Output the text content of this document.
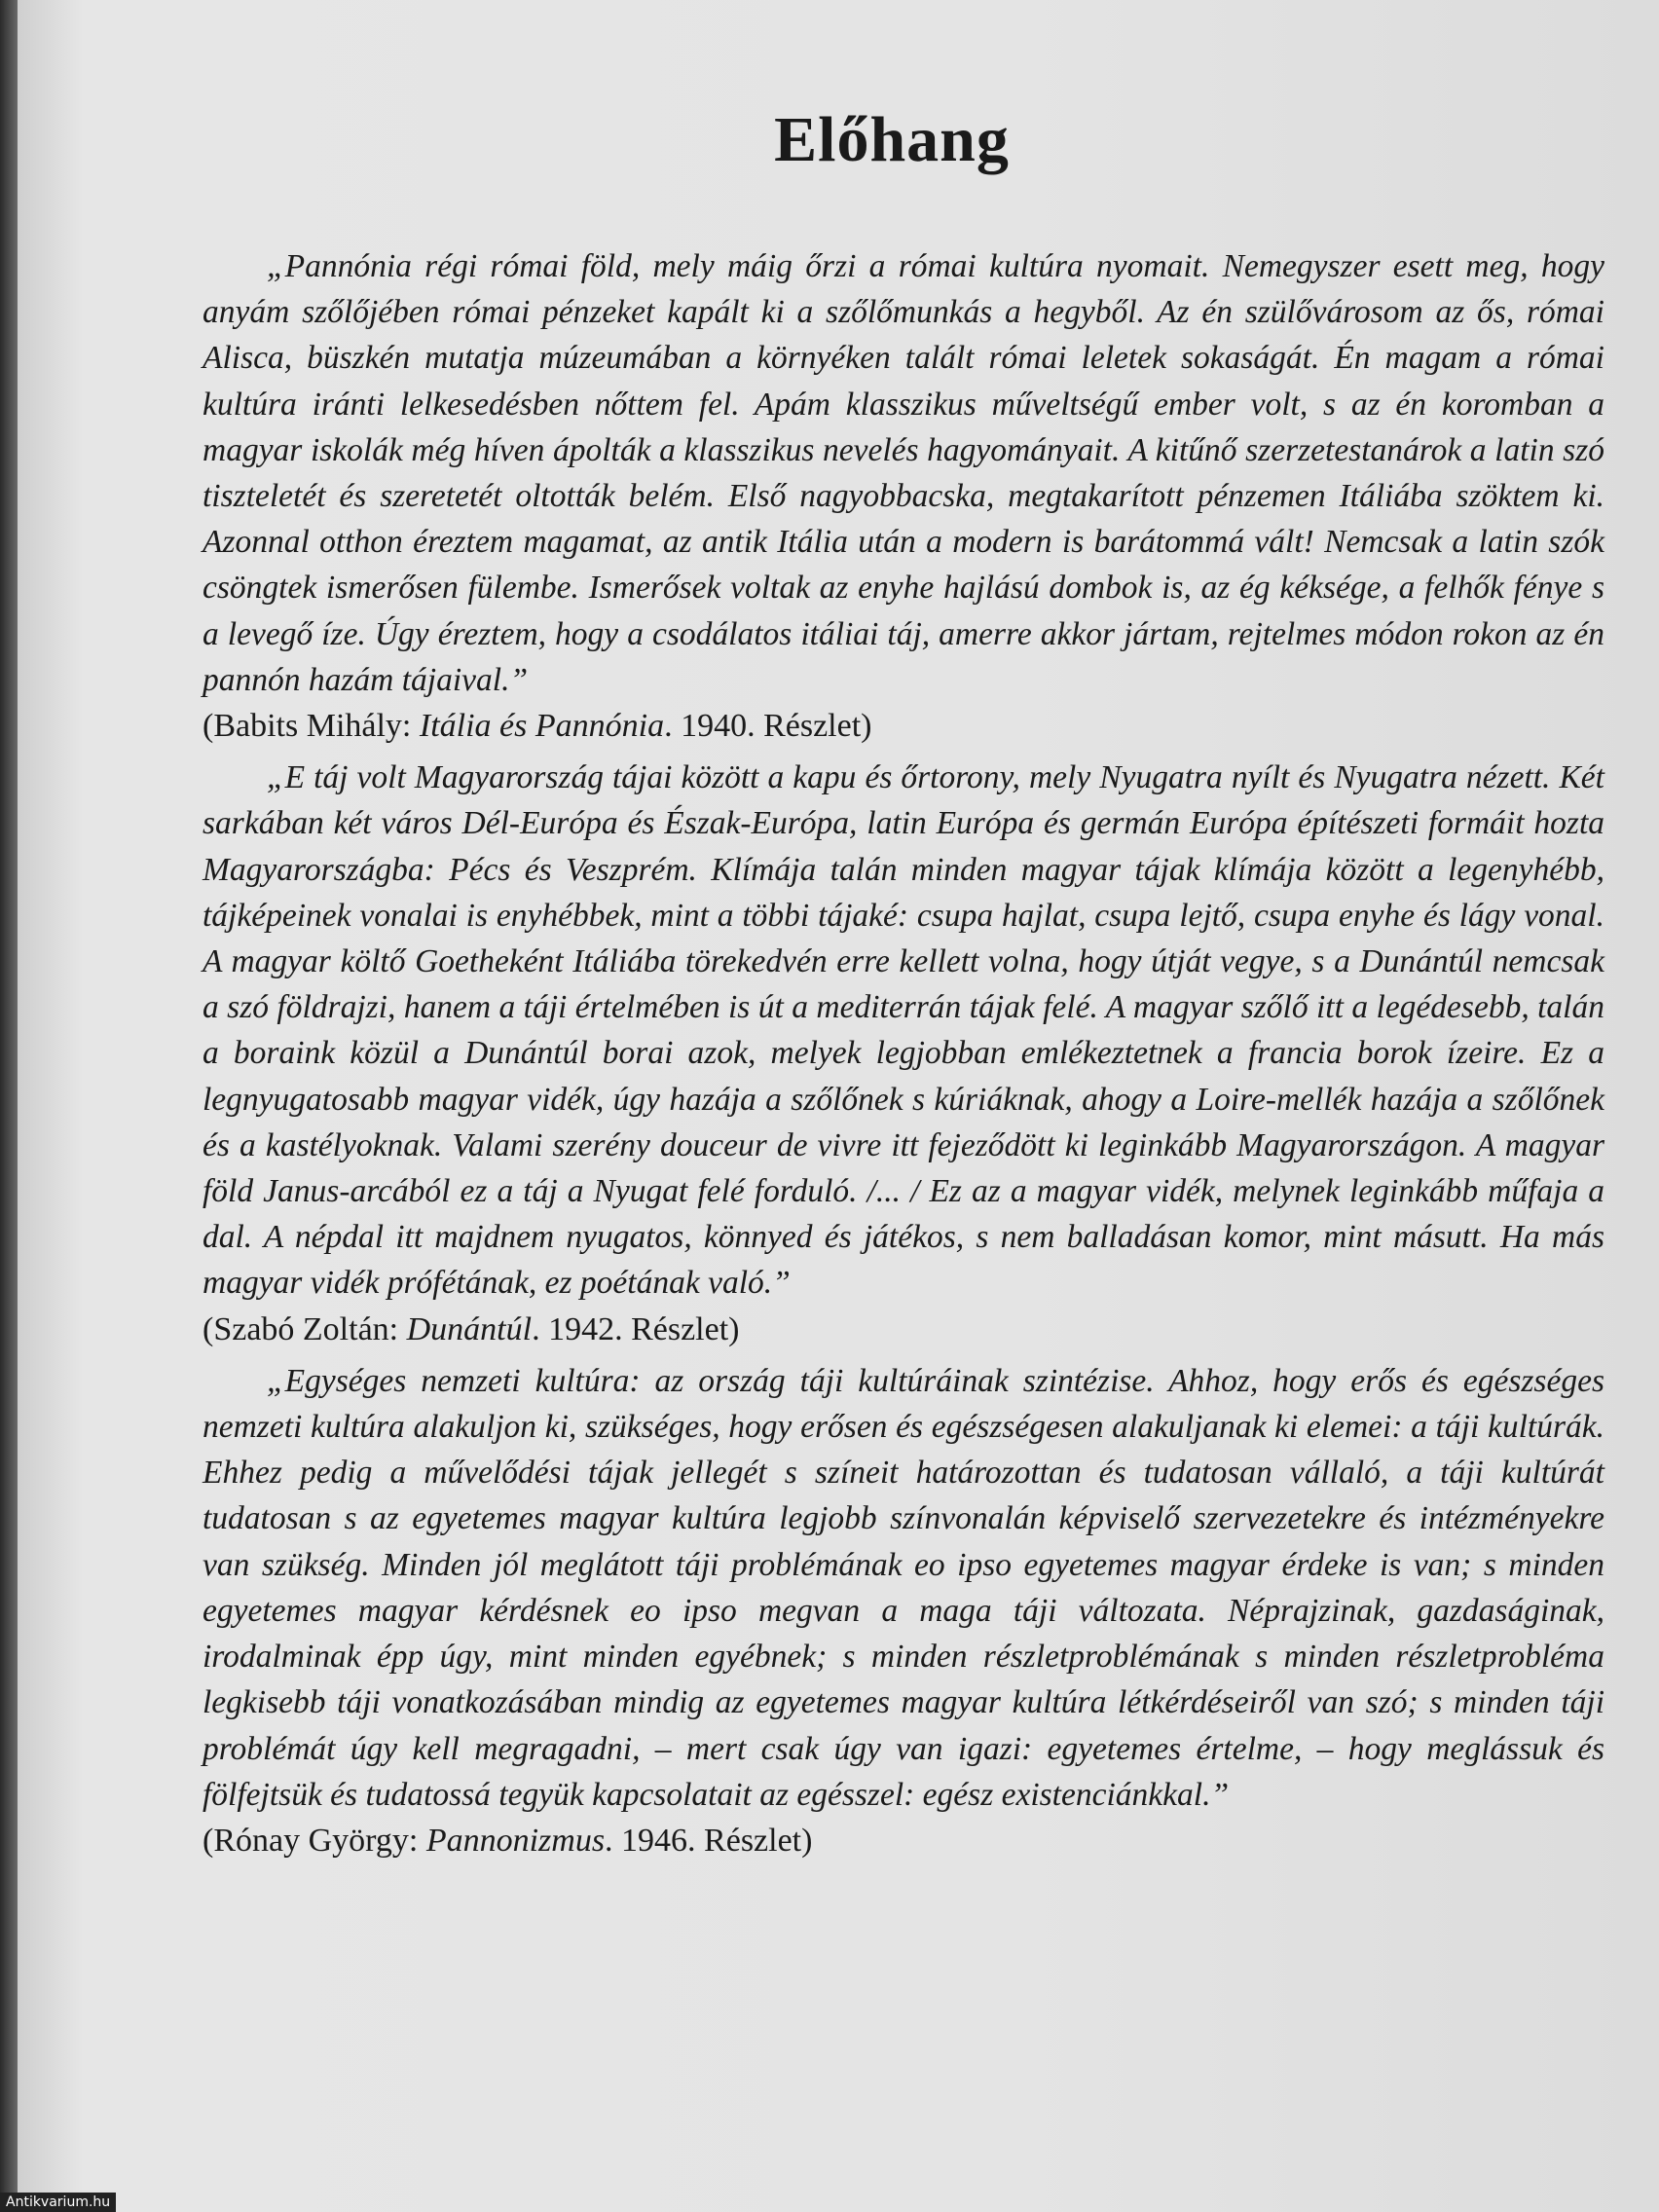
Előhang

„Pannónia régi római föld, mely máig őrzi a római kultúra nyomait. Nemegyszer esett meg, hogy anyám szőlőjében római pénzeket kapált ki a szőlőmunkás a hegyből. Az én szülővárosom az ős, római Alisca, büszkén mutatja múzeumában a környéken talált római leletek sokaságát. Én magam a római kultúra iránti lelkesedésben nőttem fel. Apám klasszikus műveltségű ember volt, s az én koromban a magyar iskolák még híven ápolták a klasszikus nevelés hagyományait. A kitűnő szerzetestanárok a latin szó tiszteletét és szeretetét oltották belém. Első nagyobbacska, megtakarított pénzemen Itáliába szöktem ki. Azonnal otthon éreztem magamat, az antik Itália után a modern is barátommá vált! Nemcsak a latin szók csöngtek ismerősen fülembe. Ismerősek voltak az enyhe hajlású dombok is, az ég kéksége, a felhők fénye s a levegő íze. Úgy éreztem, hogy a csodálatos itáliai táj, amerre akkor jártam, rejtelmes módon rokon az én pannón hazám tájaival.”

(Babits Mihály: Itália és Pannónia. 1940. Részlet)

„E táj volt Magyarország tájai között a kapu és őrtorony, mely Nyugatra nyílt és Nyugatra nézett. Két sarkában két város Dél-Európa és Észak-Európa, latin Európa és germán Európa építészeti formáit hozta Magyarországba: Pécs és Veszprém. Klímája talán minden magyar tájak klímája között a legenyhébb, tájképeinek vonalai is enyhébbek, mint a többi tájaké: csupa hajlat, csupa lejtő, csupa enyhe és lágy vonal. A magyar költő Goetheként Itáliába törekedvén erre kellett volna, hogy útját vegye, s a Dunántúl nemcsak a szó földrajzi, hanem a táji értelmében is út a mediterrán tájak felé. A magyar szőlő itt a legédesebb, talán a boraink közül a Dunántúl borai azok, melyek legjobban emlékeztetnek a francia borok ízeire. Ez a legnyugatosabb magyar vidék, úgy hazája a szőlőnek s kúriáknak, ahogy a Loire-mellék hazája a szőlőnek és a kastélyoknak. Valami szerény douceur de vivre itt fejeződött ki leginkább Magyarországon. A magyar föld Janus-arcából ez a táj a Nyugat felé forduló. /... / Ez az a magyar vidék, melynek leginkább műfaja a dal. A népdal itt majdnem nyugatos, könnyed és játékos, s nem balladásan komor, mint másutt. Ha más magyar vidék prófétának, ez poétának való.”

(Szabó Zoltán: Dunántúl. 1942. Részlet)

„Egységes nemzeti kultúra: az ország táji kultúráinak szintézise. Ahhoz, hogy erős és egészséges nemzeti kultúra alakuljon ki, szükséges, hogy erősen és egészségesen alakuljanak ki elemei: a táji kultúrák. Ehhez pedig a művelődési tájak jellegét s színeit határozottan és tudatosan vállaló, a táji kultúrát tudatosan s az egyetemes magyar kultúra legjobb színvonalán képviselő szervezetekre és intézményekre van szükség. Minden jól meglátott táji problémának eo ipso egyetemes magyar érdeke is van; s minden egyetemes magyar kérdésnek eo ipso megvan a maga táji változata. Néprajzinak, gazdaságinak, irodalminak épp úgy, mint minden egyébnek; s minden részletproblémának s minden részletprobléma legkisebb táji vonatkozásában mindig az egyetemes magyar kultúra létkérdéseiről van szó; s minden táji problémát úgy kell megragadni, – mert csak úgy van igazi: egyetemes értelme, – hogy meglássuk és fölfejtsük és tudatossá tegyük kapcsolatait az egésszel: egész existenciánkkal.”

(Rónay György: Pannonizmus. 1946. Részlet)

Antikvarium.hu
